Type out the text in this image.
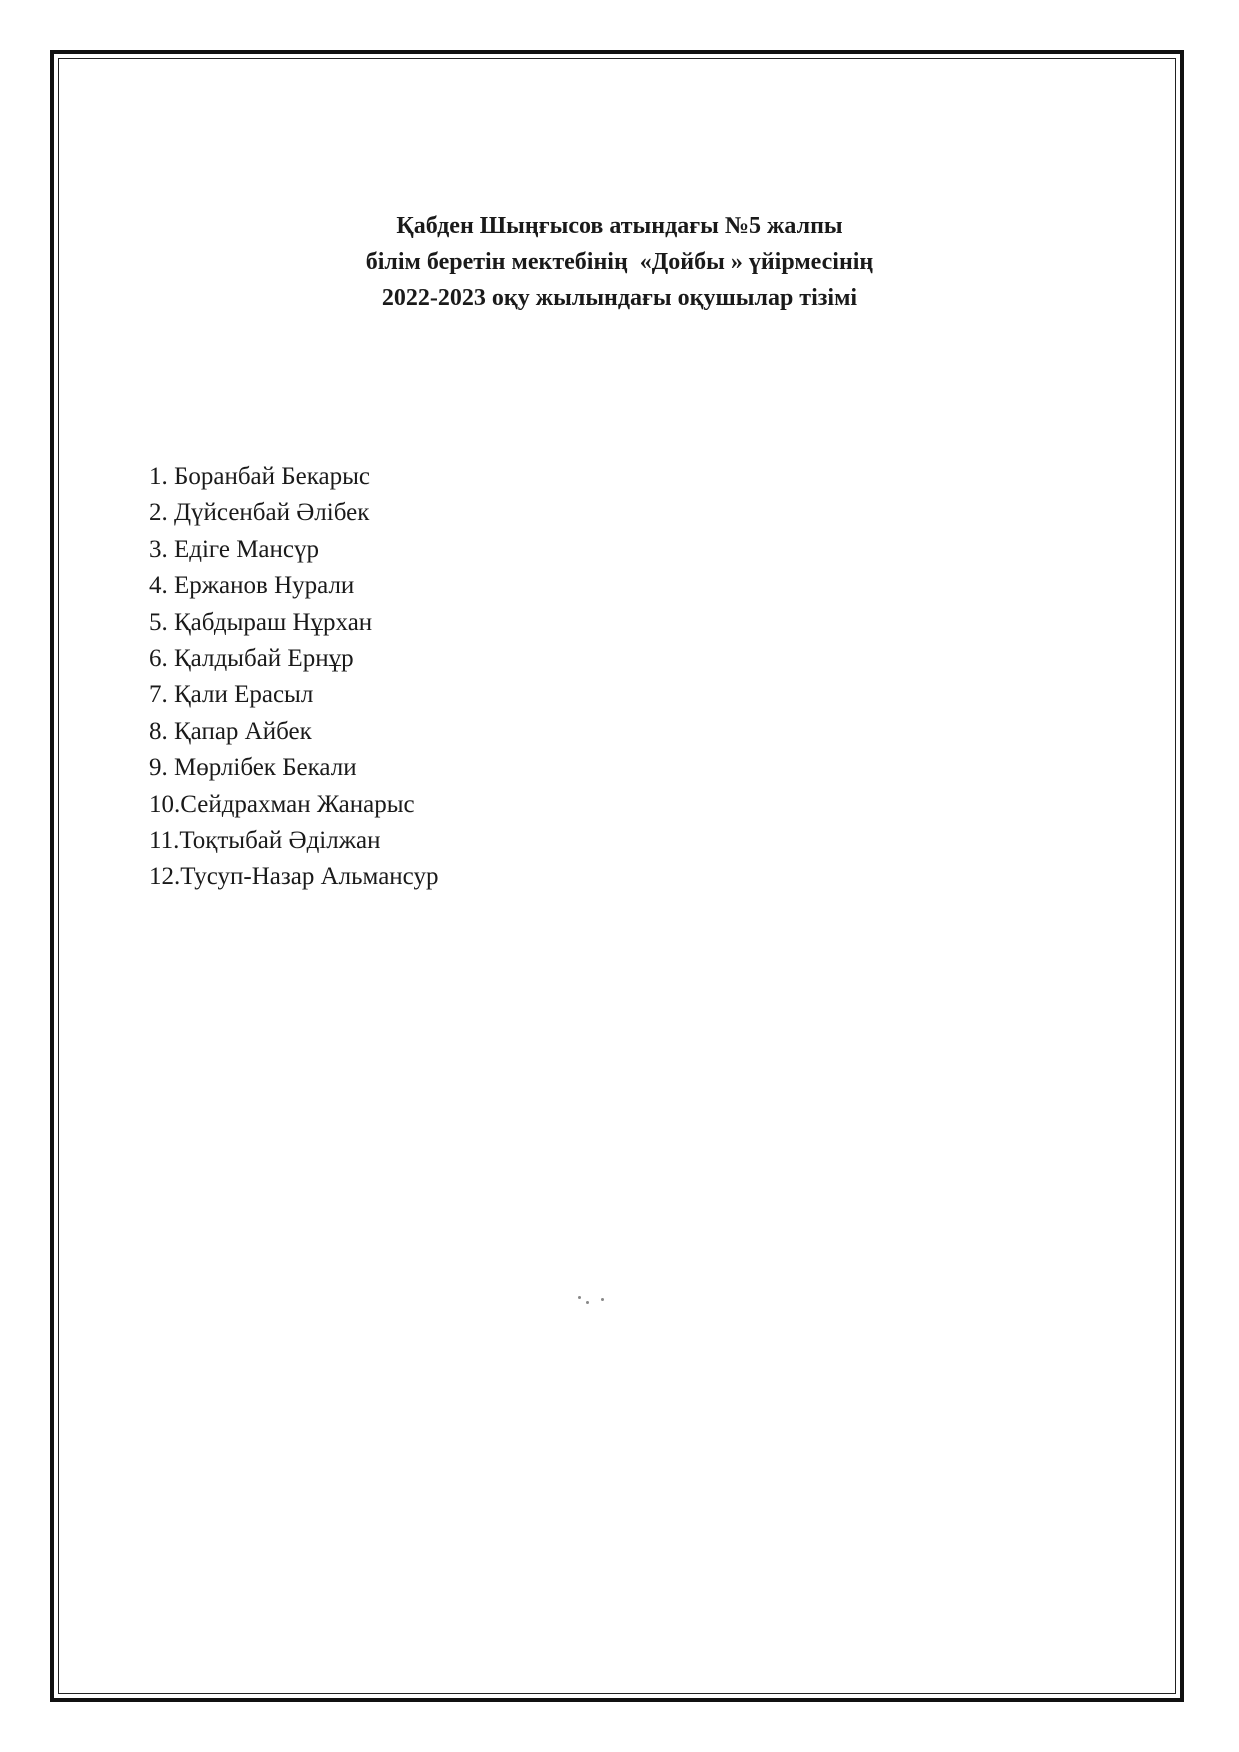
Қабден Шыңғысов атындағы №5 жалпы
білім беретін мектебінің  «Дойбы » үйірмесінің
2022-2023 оқу жылындағы оқушылар тізімі
1. Боранбай Бекарыс
2. Дүйсенбай Әлібек
3. Едіге Мансүр
4. Ержанов Нурали
5. Қабдыраш Нұрхан
6. Қалдыбай Ернұр
7. Қали Ерасыл
8. Қапар Айбек
9. Мөрлібек Бекали
10.Сейдрахман Жанарыс
11.Тоқтыбай Әділжан
12.Тусуп-Назар Альмансур
